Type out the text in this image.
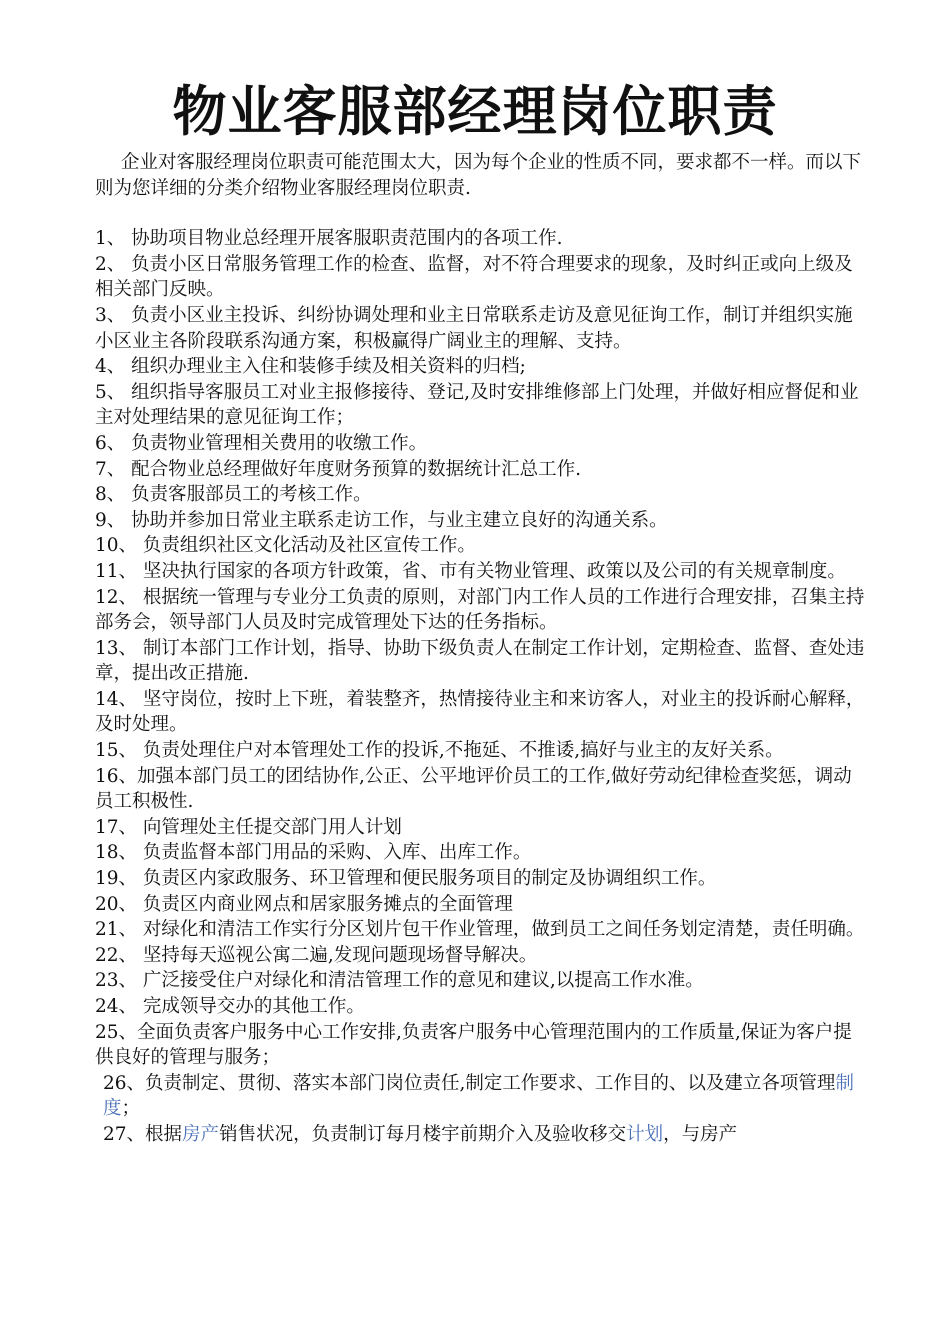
物业客服部经理岗位职责

企业对客服经理岗位职责可能范围太大，因为每个企业的性质不同，要求都不一样。而以下则为您详细的分类介绍物业客服经理岗位职责.

1、 协助项目物业总经理开展客服职责范围内的各项工作.

2、 负责小区日常服务管理工作的检查、监督，对不符合理要求的现象，及时纠正或向上级及相关部门反映。

3、 负责小区业主投诉、纠纷协调处理和业主日常联系走访及意见征询工作，制订并组织实施小区业主各阶段联系沟通方案，积极赢得广阔业主的理解、支持。

4、 组织办理业主入住和装修手续及相关资料的归档;

5、 组织指导客服员工对业主报修接待、登记,及时安排维修部上门处理，并做好相应督促和业主对处理结果的意见征询工作；

6、 负责物业管理相关费用的收缴工作。

7、 配合物业总经理做好年度财务预算的数据统计汇总工作.

8、 负责客服部员工的考核工作。

9、 协助并参加日常业主联系走访工作，与业主建立良好的沟通关系。

10、 负责组织社区文化活动及社区宣传工作。

11、 坚决执行国家的各项方针政策，省、市有关物业管理、政策以及公司的有关规章制度。

12、 根据统一管理与专业分工负责的原则，对部门内工作人员的工作进行合理安排，召集主持部务会，领导部门人员及时完成管理处下达的任务指标。

13、 制订本部门工作计划，指导、协助下级负责人在制定工作计划，定期检查、监督、查处违章，提出改正措施.

14、 坚守岗位，按时上下班，着装整齐，热情接待业主和来访客人，对业主的投诉耐心解释，及时处理。

15、 负责处理住户对本管理处工作的投诉,不拖延、不推诿,搞好与业主的友好关系。

16、加强本部门员工的团结协作,公正、公平地评价员工的工作,做好劳动纪律检查奖惩，调动员工积极性.

17、 向管理处主任提交部门用人计划

18、 负责监督本部门用品的采购、入库、出库工作。

19、 负责区内家政服务、环卫管理和便民服务项目的制定及协调组织工作。

20、 负责区内商业网点和居家服务摊点的全面管理

21、 对绿化和清洁工作实行分区划片包干作业管理，做到员工之间任务划定清楚，责任明确。

22、 坚持每天巡视公寓二遍,发现问题现场督导解决。

23、 广泛接受住户对绿化和清洁管理工作的意见和建议,以提高工作水准。

24、 完成领导交办的其他工作。

25、全面负责客户服务中心工作安排,负责客户服务中心管理范围内的工作质量,保证为客户提供良好的管理与服务；

26、负责制定、贯彻、落实本部门岗位责任,制定工作要求、工作目的、以及建立各项管理制度；

27、根据房产销售状况，负责制订每月楼宇前期介入及验收移交计划，与房产
